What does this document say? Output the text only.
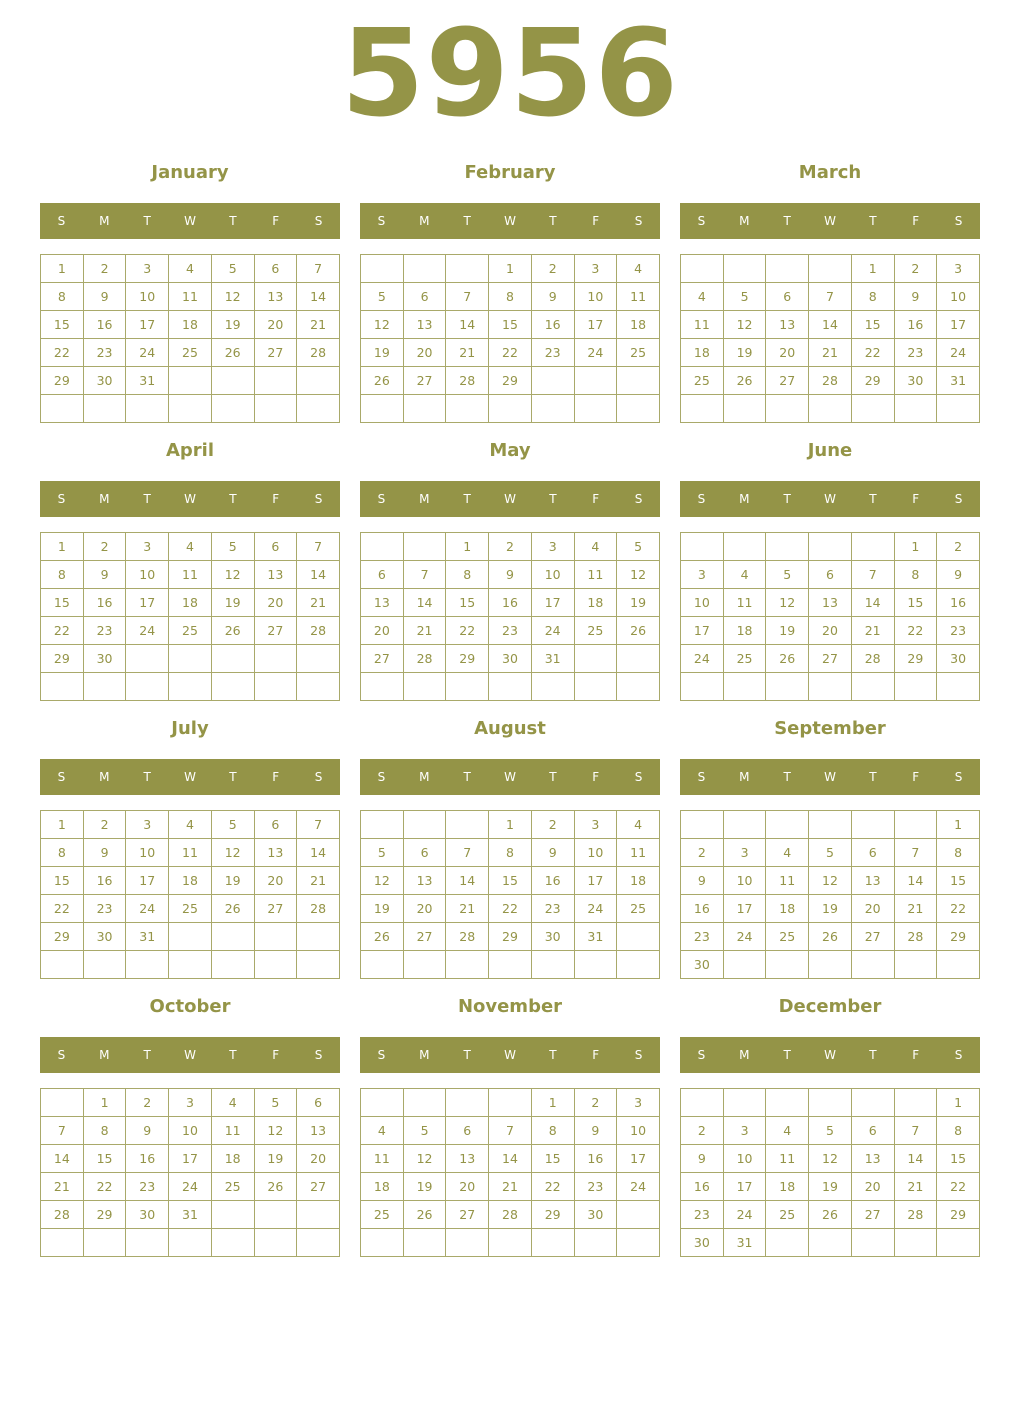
5956
January
S	M	T	W	T	F	S
1	2	3	4	5	6	7
8	9	10	11	12	13	14
15	16	17	18	19	20	21
22	23	24	25	26	27	28
29	30	31				

February
S	M	T	W	T	F	S
			1	2	3	4
5	6	7	8	9	10	11
12	13	14	15	16	17	18
19	20	21	22	23	24	25
26	27	28	29			

March
S	M	T	W	T	F	S
				1	2	3
4	5	6	7	8	9	10
11	12	13	14	15	16	17
18	19	20	21	22	23	24
25	26	27	28	29	30	31

April
S	M	T	W	T	F	S
1	2	3	4	5	6	7
8	9	10	11	12	13	14
15	16	17	18	19	20	21
22	23	24	25	26	27	28
29	30					

May
S	M	T	W	T	F	S
		1	2	3	4	5
6	7	8	9	10	11	12
13	14	15	16	17	18	19
20	21	22	23	24	25	26
27	28	29	30	31		

June
S	M	T	W	T	F	S
					1	2
3	4	5	6	7	8	9
10	11	12	13	14	15	16
17	18	19	20	21	22	23
24	25	26	27	28	29	30

July
S	M	T	W	T	F	S
1	2	3	4	5	6	7
8	9	10	11	12	13	14
15	16	17	18	19	20	21
22	23	24	25	26	27	28
29	30	31				

August
S	M	T	W	T	F	S
			1	2	3	4
5	6	7	8	9	10	11
12	13	14	15	16	17	18
19	20	21	22	23	24	25
26	27	28	29	30	31	

September
S	M	T	W	T	F	S
						1
2	3	4	5	6	7	8
9	10	11	12	13	14	15
16	17	18	19	20	21	22
23	24	25	26	27	28	29
30						
October
S	M	T	W	T	F	S
	1	2	3	4	5	6
7	8	9	10	11	12	13
14	15	16	17	18	19	20
21	22	23	24	25	26	27
28	29	30	31			

November
S	M	T	W	T	F	S
				1	2	3
4	5	6	7	8	9	10
11	12	13	14	15	16	17
18	19	20	21	22	23	24
25	26	27	28	29	30	

December
S	M	T	W	T	F	S
						1
2	3	4	5	6	7	8
9	10	11	12	13	14	15
16	17	18	19	20	21	22
23	24	25	26	27	28	29
30	31					
